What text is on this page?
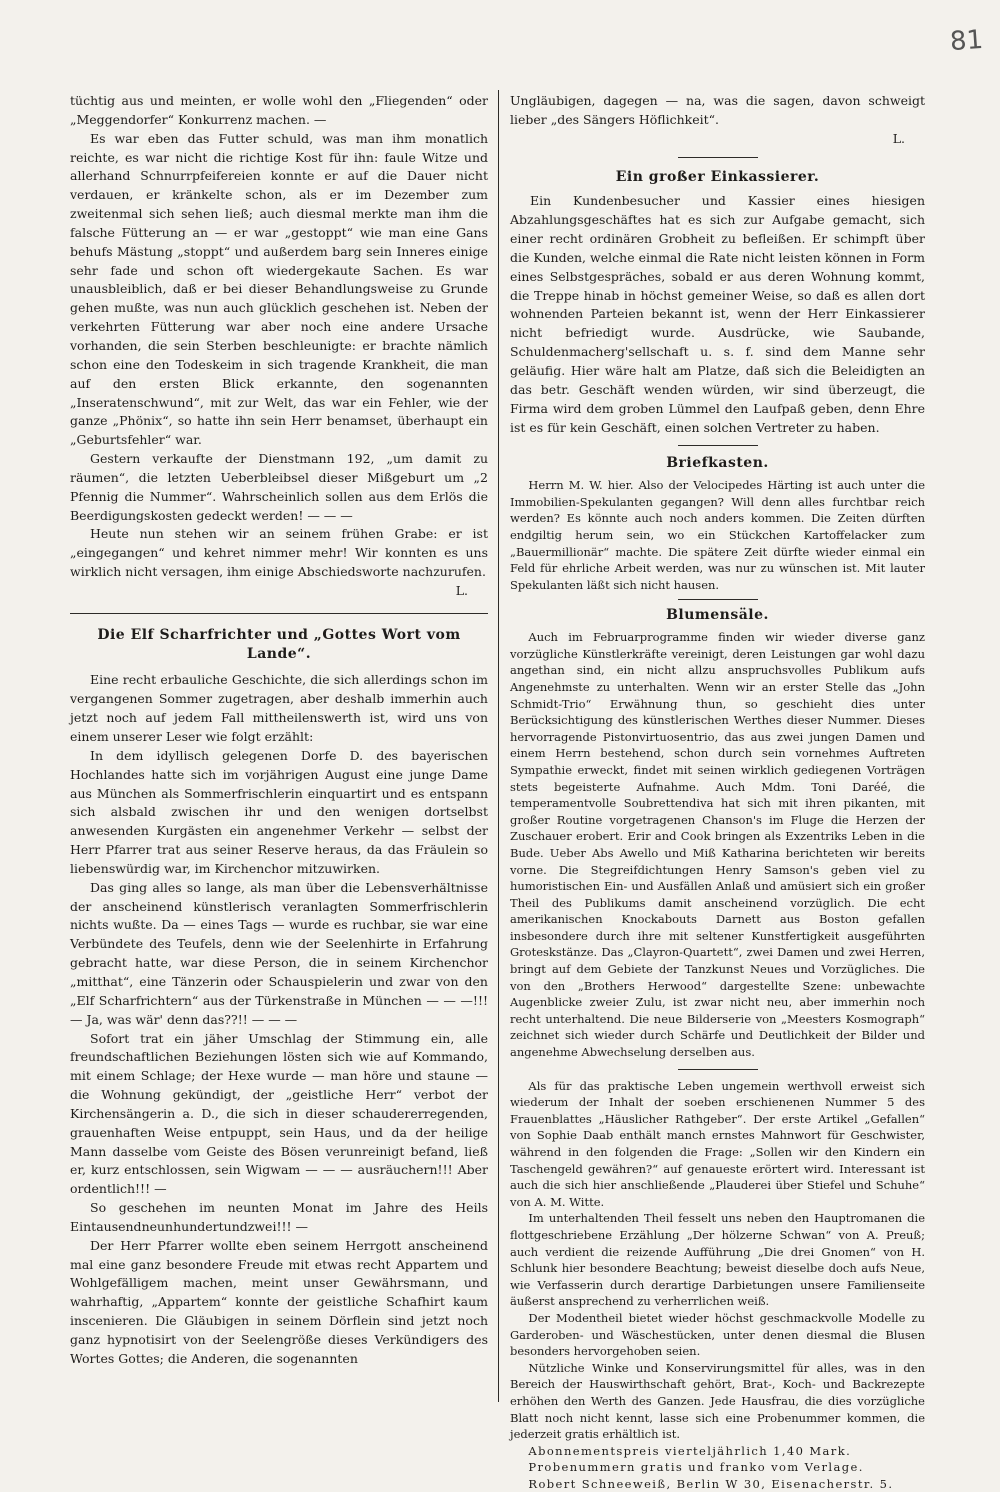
81

tüchtig aus und meinten, er wolle wohl den „Fliegenden“ oder „Meggendorfer“ Konkurrenz machen. —

Es war eben das Futter schuld, was man ihm monatlich reichte, es war nicht die richtige Kost für ihn: faule Witze und allerhand Schnurrpfeifereien konnte er auf die Dauer nicht verdauen, er kränkelte schon, als er im Dezember zum zweitenmal sich sehen ließ; auch diesmal merkte man ihm die falsche Fütterung an — er war „gestoppt“ wie man eine Gans behufs Mästung „stoppt“ und außerdem barg sein Inneres einige sehr fade und schon oft wiedergekaute Sachen. Es war unausbleiblich, daß er bei dieser Behandlungsweise zu Grunde gehen mußte, was nun auch glücklich geschehen ist. Neben der verkehrten Fütterung war aber noch eine andere Ursache vorhanden, die sein Sterben beschleunigte: er brachte nämlich schon eine den Todeskeim in sich tragende Krankheit, die man auf den ersten Blick erkannte, den sogenannten „Inseratenschwund“, mit zur Welt, das war ein Fehler, wie der ganze „Phönix“, so hatte ihn sein Herr benamset, überhaupt ein „Geburtsfehler“ war.

Gestern verkaufte der Dienstmann 192, „um damit zu räumen“, die letzten Ueberbleibsel dieser Mißgeburt um „2 Pfennig die Nummer“. Wahrscheinlich sollen aus dem Erlös die Beerdigungskosten gedeckt werden! — — —

Heute nun stehen wir an seinem frühen Grabe: er ist „eingegangen“ und kehret nimmer mehr! Wir konnten es uns wirklich nicht versagen, ihm einige Abschiedsworte nachzurufen.

L.
Die Elf Scharfrichter und „Gottes Wort vom Lande“.

Eine recht erbauliche Geschichte, die sich allerdings schon im vergangenen Sommer zugetragen, aber deshalb immerhin auch jetzt noch auf jedem Fall mittheilenswerth ist, wird uns von einem unserer Leser wie folgt erzählt:

In dem idyllisch gelegenen Dorfe D. des bayerischen Hochlandes hatte sich im vorjährigen August eine junge Dame aus München als Sommerfrischlerin einquartirt und es entspann sich alsbald zwischen ihr und den wenigen dortselbst anwesenden Kurgästen ein angenehmer Verkehr — selbst der Herr Pfarrer trat aus seiner Reserve heraus, da das Fräulein so liebenswürdig war, im Kirchenchor mitzuwirken.

Das ging alles so lange, als man über die Lebensverhältnisse der anscheinend künstlerisch veranlagten Sommerfrischlerin nichts wußte. Da — eines Tags — wurde es ruchbar, sie war eine Verbündete des Teufels, denn wie der Seelenhirte in Erfahrung gebracht hatte, war diese Person, die in seinem Kirchenchor „mitthat“, eine Tänzerin oder Schauspielerin und zwar von den „Elf Scharfrichtern“ aus der Türkenstraße in München — — —!!! — Ja, was wär' denn das??!! — — —

Sofort trat ein jäher Umschlag der Stimmung ein, alle freundschaftlichen Beziehungen lösten sich wie auf Kommando, mit einem Schlage; der Hexe wurde — man höre und staune — die Wohnung gekündigt, der „geistliche Herr“ verbot der Kirchensängerin a. D., die sich in dieser schaudererregenden, grauenhaften Weise entpuppt, sein Haus, und da der heilige Mann dasselbe vom Geiste des Bösen verunreinigt befand, ließ er, kurz entschlossen, sein Wigwam — — — ausräuchern!!! Aber ordentlich!!! —

So geschehen im neunten Monat im Jahre des Heils Eintausendneunhundertundzwei!!! —

Der Herr Pfarrer wollte eben seinem Herrgott anscheinend mal eine ganz besondere Freude mit etwas recht Appartem und Wohlgefälligem machen, meint unser Gewährsmann, und wahrhaftig, „Appartem“ konnte der geistliche Schafhirt kaum inscenieren. Die Gläubigen in seinem Dörflein sind jetzt noch ganz hypnotisirt von der Seelengröße dieses Verkündigers des Wortes Gottes; die Anderen, die sogenannten

Ungläubigen, dagegen — na, was die sagen, davon schweigt lieber „des Sängers Höflichkeit“.

L.
Ein großer Einkassierer.

Ein Kundenbesucher und Kassier eines hiesigen Abzahlungsgeschäftes hat es sich zur Aufgabe gemacht, sich einer recht ordinären Grobheit zu befleißen. Er schimpft über die Kunden, welche einmal die Rate nicht leisten können in Form eines Selbstgespräches, sobald er aus deren Wohnung kommt, die Treppe hinab in höchst gemeiner Weise, so daß es allen dort wohnenden Parteien bekannt ist, wenn der Herr Einkassierer nicht befriedigt wurde. Ausdrücke, wie Saubande, Schuldenmacherg'sellschaft u. s. f. sind dem Manne sehr geläufig. Hier wäre halt am Platze, daß sich die Beleidigten an das betr. Geschäft wenden würden, wir sind überzeugt, die Firma wird dem groben Lümmel den Laufpaß geben, denn Ehre ist es für kein Geschäft, einen solchen Vertreter zu haben.

Briefkasten.

Herrn M. W. hier. Also der Velocipedes Härting ist auch unter die Immobilien-Spekulanten gegangen? Will denn alles furchtbar reich werden? Es könnte auch noch anders kommen. Die Zeiten dürften endgiltig herum sein, wo ein Stückchen Kartoffelacker zum „Bauermillionär“ machte. Die spätere Zeit dürfte wieder einmal ein Feld für ehrliche Arbeit werden, was nur zu wünschen ist. Mit lauter Spekulanten läßt sich nicht hausen.

Blumensäle.

Auch im Februarprogramme finden wir wieder diverse ganz vorzügliche Künstlerkräfte vereinigt, deren Leistungen gar wohl dazu angethan sind, ein nicht allzu anspruchsvolles Publikum aufs Angenehmste zu unterhalten. Wenn wir an erster Stelle das „John Schmidt-Trio“ Erwähnung thun, so geschieht dies unter Berücksichtigung des künstlerischen Werthes dieser Nummer. Dieses hervorragende Pistonvirtuosentrio, das aus zwei jungen Damen und einem Herrn bestehend, schon durch sein vornehmes Auftreten Sympathie erweckt, findet mit seinen wirklich gediegenen Vorträgen stets begeisterte Aufnahme. Auch Mdm. Toni Daréé, die temperamentvolle Soubrettendiva hat sich mit ihren pikanten, mit großer Routine vorgetragenen Chanson's im Fluge die Herzen der Zuschauer erobert. Erir and Cook bringen als Exzentriks Leben in die Bude. Ueber Abs Awello und Miß Katharina berichteten wir bereits vorne. Die Stegreifdichtungen Henry Samson's geben viel zu humoristischen Ein- und Ausfällen Anlaß und amüsiert sich ein großer Theil des Publikums damit anscheinend vorzüglich. Die echt amerikanischen Knockabouts Darnett aus Boston gefallen insbesondere durch ihre mit seltener Kunstfertigkeit ausgeführten Groteskstänze. Das „Clayron-Quartett“, zwei Damen und zwei Herren, bringt auf dem Gebiete der Tanzkunst Neues und Vorzügliches. Die von den „Brothers Herwood“ dargestellte Szene: unbewachte Augenblicke zweier Zulu, ist zwar nicht neu, aber immerhin noch recht unterhaltend. Die neue Bilderserie von „Meesters Kosmograph“ zeichnet sich wieder durch Schärfe und Deutlichkeit der Bilder und angenehme Abwechselung derselben aus.

Als für das praktische Leben ungemein werthvoll erweist sich wiederum der Inhalt der soeben erschienenen Nummer 5 des Frauenblattes „Häuslicher Rathgeber“. Der erste Artikel „Gefallen“ von Sophie Daab enthält manch ernstes Mahnwort für Geschwister, während in den folgenden die Frage: „Sollen wir den Kindern ein Taschengeld gewähren?“ auf genaueste erörtert wird. Interessant ist auch die sich hier anschließende „Plauderei über Stiefel und Schuhe“ von A. M. Witte.

Im unterhaltenden Theil fesselt uns neben den Hauptromanen die flottgeschriebene Erzählung „Der hölzerne Schwan“ von A. Preuß; auch verdient die reizende Aufführung „Die drei Gnomen“ von H. Schlunk hier besondere Beachtung; beweist dieselbe doch aufs Neue, wie Verfasserin durch derartige Darbietungen unsere Familienseite äußerst ansprechend zu verherrlichen weiß.

Der Modentheil bietet wieder höchst geschmackvolle Modelle zu Garderoben- und Wäschestücken, unter denen diesmal die Blusen besonders hervorgehoben seien.

Nützliche Winke und Konservirungsmittel für alles, was in den Bereich der Hauswirthschaft gehört, Brat-, Koch- und Backrezepte erhöhen den Werth des Ganzen. Jede Hausfrau, die dies vorzügliche Blatt noch nicht kennt, lasse sich eine Probenummer kommen, die jederzeit gratis erhältlich ist.

Abonnementspreis vierteljährlich 1,40 Mark.

Probenummern gratis und franko vom Verlage.

Robert Schneeweiß, Berlin W 30, Eisenacherstr. 5.
